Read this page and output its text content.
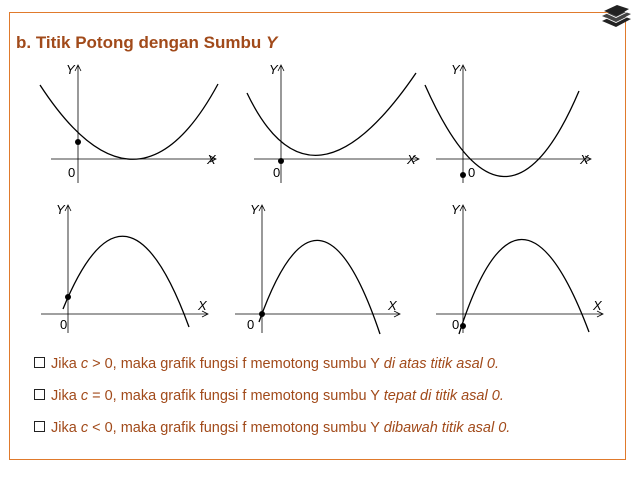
b. Titik Potong dengan Sumbu Y
Y
X
0
Y
X
0
Y
X
0
Y
X
0
Y
X
0
Y
X
0
Jika c > 0, maka grafik fungsi f memotong sumbu Y di atas titik asal 0.
Jika c = 0, maka grafik fungsi f memotong sumbu Y tepat di titik asal 0.
Jika c < 0, maka grafik fungsi f memotong sumbu Y dibawah titik asal 0.
